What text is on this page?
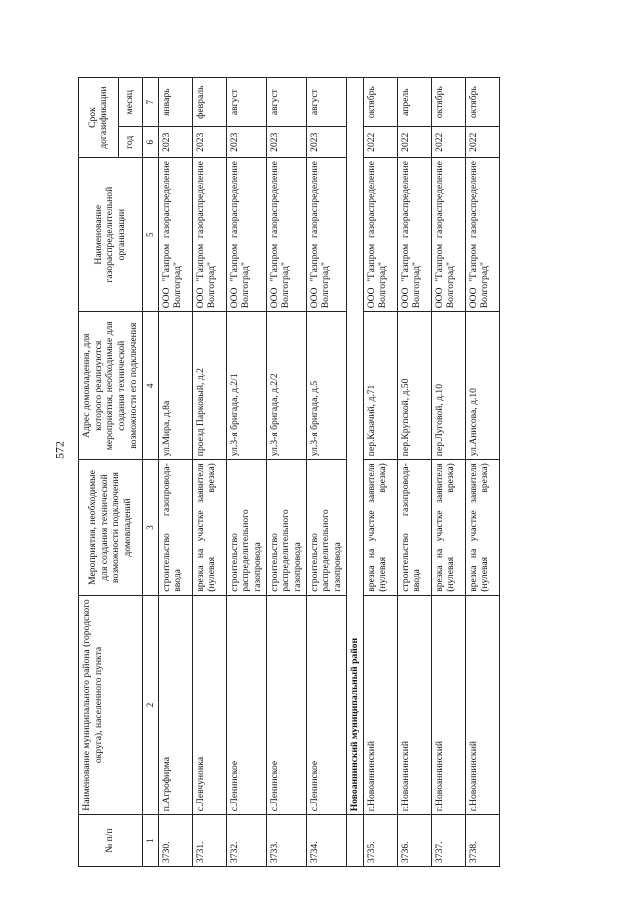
572
№ п/п	Наименование муниципального района (городского округа), населенного пункта	Мероприятия, необходимые для создания технической возможности подключения домовладений	Адрес домовладения, для которого реализуются мероприятия, необходимые для создания технической возможности его подключения	Наименование газораспределительной организации	Срок догазификации	
					год	месяц
1	2	3	4	5	6	7
3730.	п.Агрофирма	строительство газопровода-ввода	ул.Мира, д.8а	ООО "Газпром газораспределение Волгоград"	2023	январь
3731.	с.Левчуновка	врезка на участке заявителя (нулевая врезка)	проезд Парковый, д.2	ООО "Газпром газораспределение Волгоград"	2023	февраль
3732.	с.Ленинское	строительство распределительного газопровода	ул.3-я бригада, д.2/1	ООО "Газпром газораспределение Волгоград"	2023	август
3733.	с.Ленинское	строительство распределительного газопровода	ул.3-я бригада, д.2/2	ООО "Газпром газораспределение Волгоград"	2023	август
3734.	с.Ленинское	строительство распределительного газопровода	ул.3-я бригада, д.5	ООО "Газпром газораспределение Волгоград"	2023	август
	Новоаннинский муниципальный район					
3735.	г.Новоаннинский	врезка на участке заявителя (нулевая врезка)	пер.Казачий, д.71	ООО "Газпром газораспределение Волгоград"	2022	октябрь
3736.	г.Новоаннинский	строительство газопровода-ввода	пер.Крупской, д.50	ООО "Газпром газораспределение Волгоград"	2022	апрель
3737.	г.Новоаннинский	врезка на участке заявителя (нулевая врезка)	пер.Луговой, д.10	ООО "Газпром газораспределение Волгоград"	2022	октябрь
3738.	г.Новоаннинский	врезка на участке заявителя (нулевая врезка)	ул.Анисова, д.10	ООО "Газпром газораспределение Волгоград"	2022	октябрь
